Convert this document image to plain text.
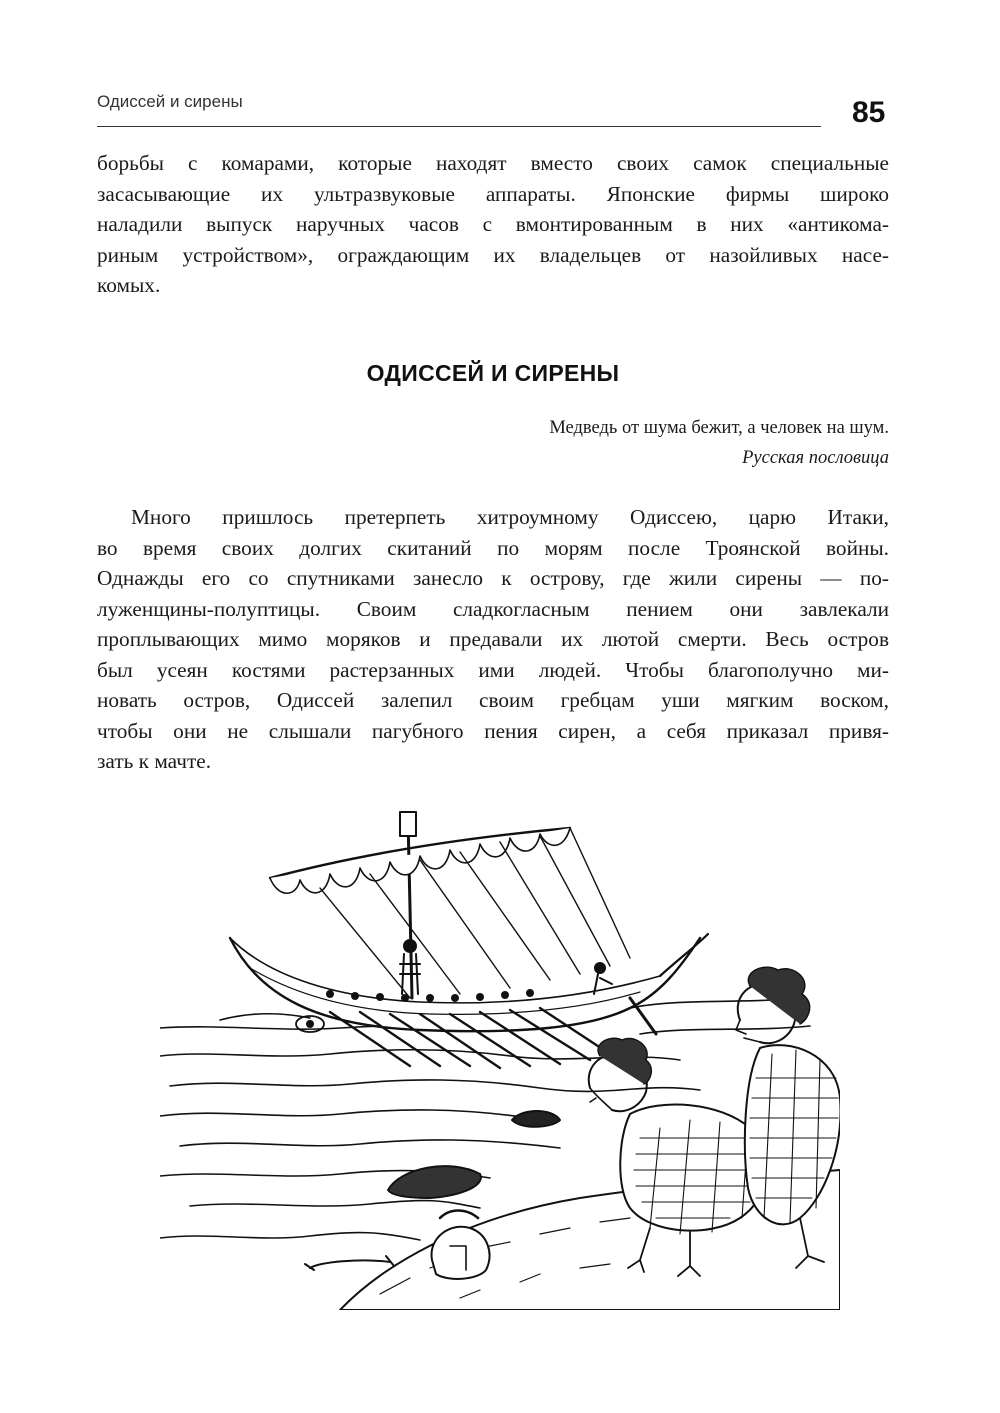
Одиссей и сирены	85
борьбы с комарами, которые находят вместо своих самок специальные
засасывающие их ультразвуковые аппараты. Японские фирмы широко
наладили выпуск наручных часов с вмонтированным в них «антикома-
риным устройством», ограждающим их владельцев от назойливых насе-
комых.
ОДИССЕЙ И СИРЕНЫ
Медведь от шума бежит, а человек на шум.
Русская пословица
Много пришлось претерпеть хитроумному Одиссею, царю Итаки,
во время своих долгих скитаний по морям после Троянской войны.
Однажды его со спутниками занесло к острову, где жили сирены — по-
луженщины-полуптицы. Своим сладкогласным пением они завлекали
проплывающих мимо моряков и предавали их лютой смерти. Весь остров
был усеян костями растерзанных ими людей. Чтобы благополучно ми-
новать остров, Одиссей залепил своим гребцам уши мягким воском,
чтобы они не слышали пагубного пения сирен, а себя приказал привя-
зать к мачте.
